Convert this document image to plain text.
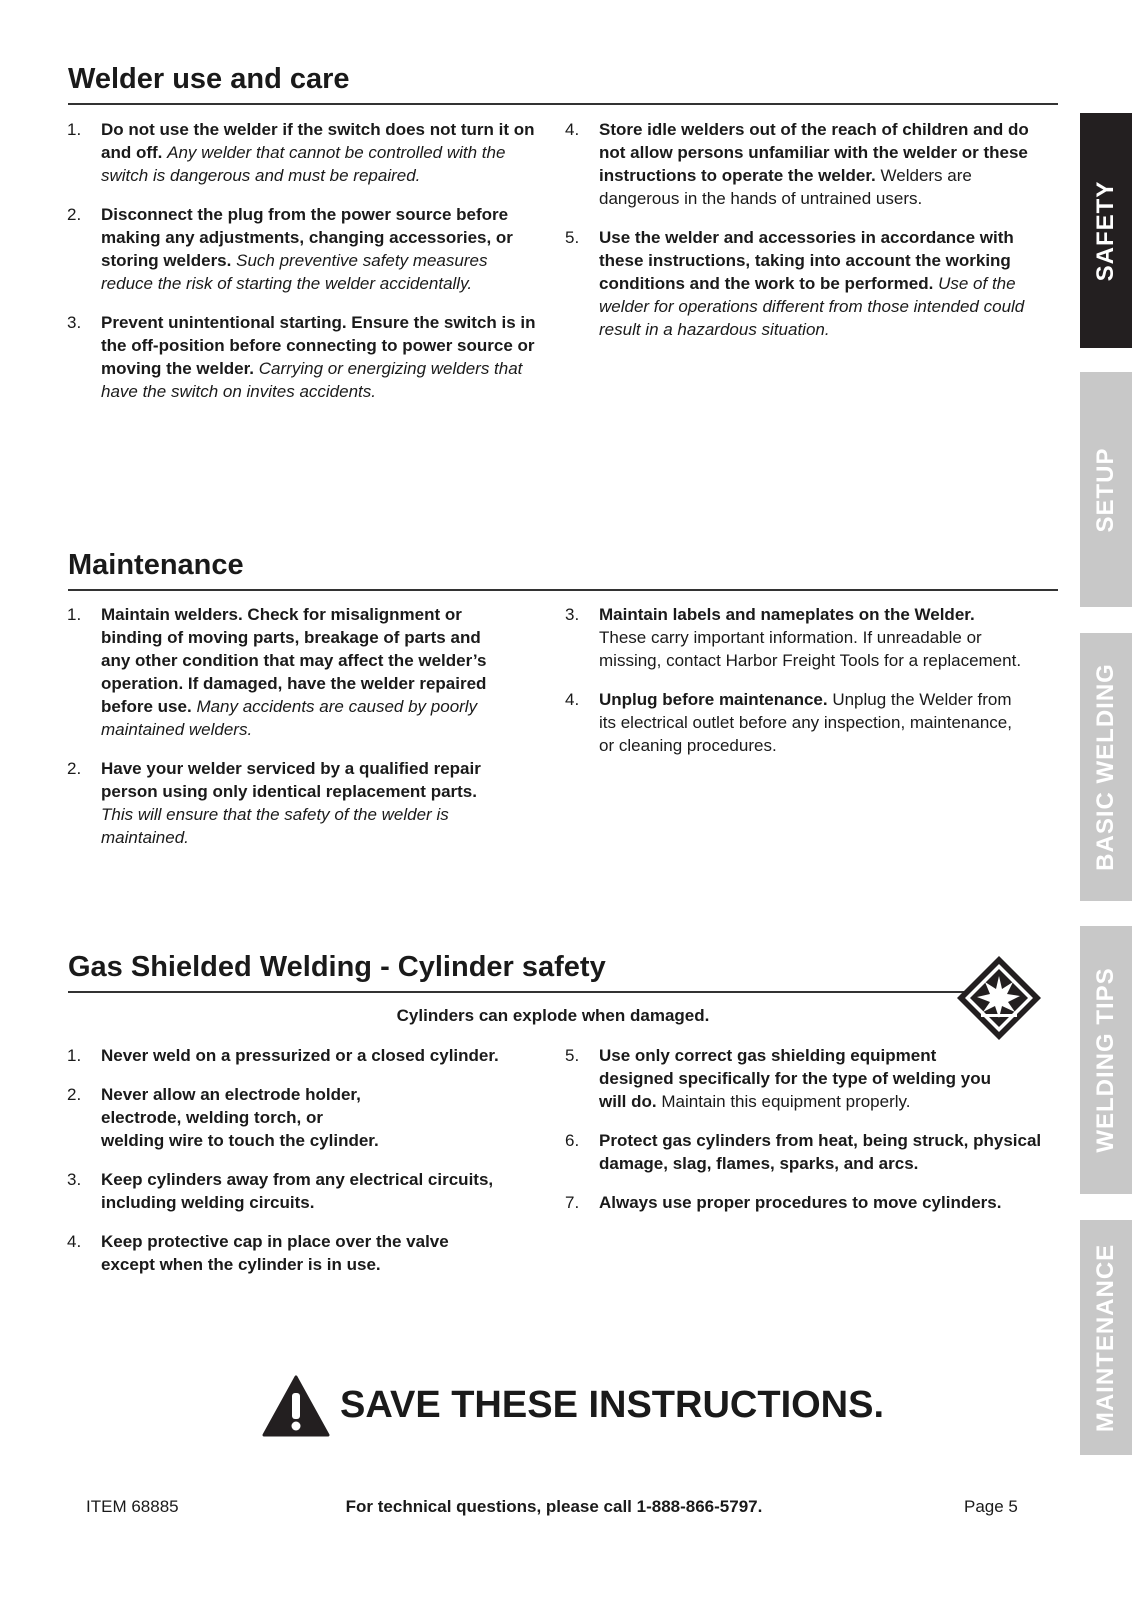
Welder use and care
1. Do not use the welder if the switch does not turn it on and off. Any welder that cannot be controlled with the switch is dangerous and must be repaired.
2. Disconnect the plug from the power source before making any adjustments, changing accessories, or storing welders. Such preventive safety measures reduce the risk of starting the welder accidentally.
3. Prevent unintentional starting. Ensure the switch is in the off-position before connecting to power source or moving the welder. Carrying or energizing welders that have the switch on invites accidents.
4. Store idle welders out of the reach of children and do not allow persons unfamiliar with the welder or these instructions to operate the welder. Welders are dangerous in the hands of untrained users.
5. Use the welder and accessories in accordance with these instructions, taking into account the working conditions and the work to be performed. Use of the welder for operations different from those intended could result in a hazardous situation.
Maintenance
1. Maintain welders. Check for misalignment or binding of moving parts, breakage of parts and any other condition that may affect the welder’s operation. If damaged, have the welder repaired before use. Many accidents are caused by poorly maintained welders.
2. Have your welder serviced by a qualified repair person using only identical replacement parts. This will ensure that the safety of the welder is maintained.
3. Maintain labels and nameplates on the Welder. These carry important information. If unreadable or missing, contact Harbor Freight Tools for a replacement.
4. Unplug before maintenance. Unplug the Welder from its electrical outlet before any inspection, maintenance, or cleaning procedures.
Gas Shielded Welding - Cylinder safety
Cylinders can explode when damaged.
1. Never weld on a pressurized or a closed cylinder.
2. Never allow an electrode holder, electrode, welding torch, or welding wire to touch the cylinder.
3. Keep cylinders away from any electrical circuits, including welding circuits.
4. Keep protective cap in place over the valve except when the cylinder is in use.
5. Use only correct gas shielding equipment designed specifically for the type of welding you will do. Maintain this equipment properly.
6. Protect gas cylinders from heat, being struck, physical damage, slag, flames, sparks, and arcs.
7. Always use proper procedures to move cylinders.
SAVE THESE INSTRUCTIONS.
SAFETY
SETUP
BASIC WELDING
WELDING TIPS
MAINTENANCE
ITEM 68885	For technical questions, please call 1-888-866-5797.	Page 5
